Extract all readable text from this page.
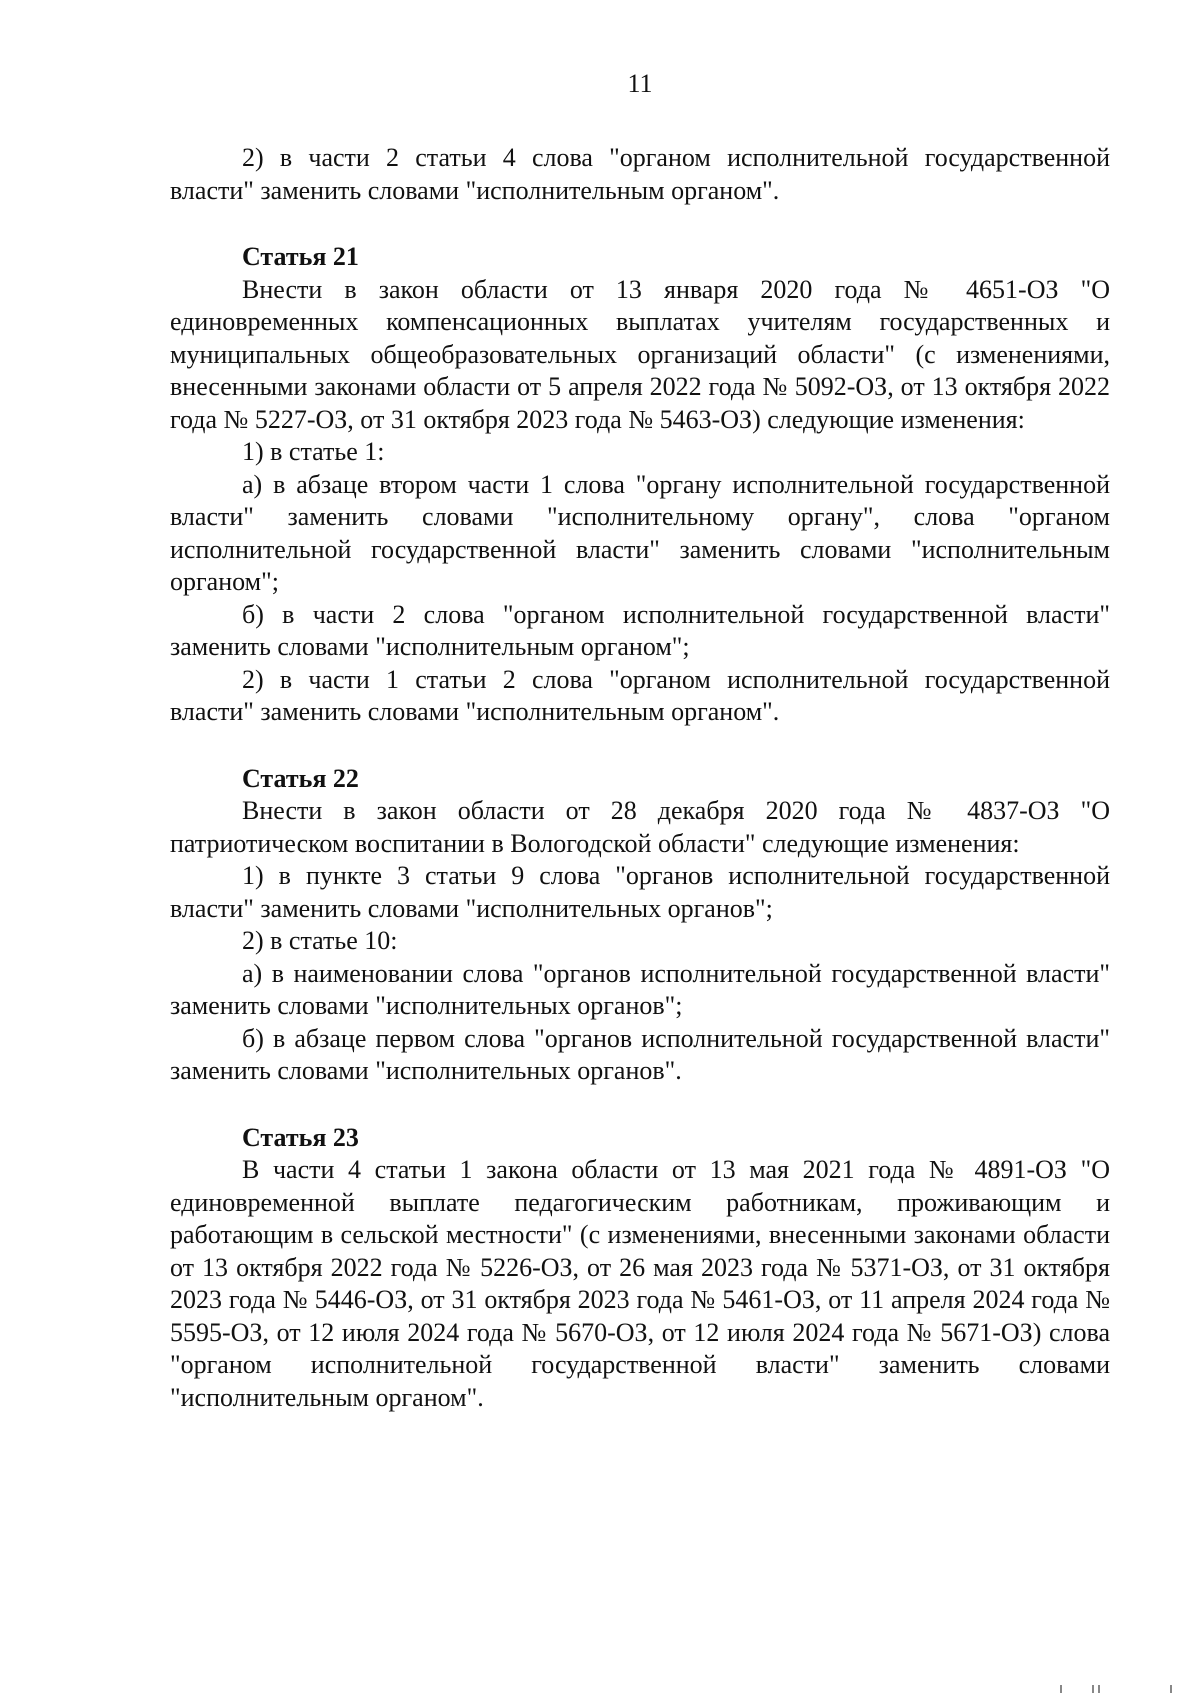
11

2) в части 2 статьи 4 слова "органом исполнительной государственной власти" заменить словами "исполнительным органом".

Статья 21

Внести в закон области от 13 января 2020 года № 4651-ОЗ "О единовременных компенсационных выплатах учителям государственных и муниципальных общеобразовательных организаций области" (с изменениями, внесенными законами области от 5 апреля 2022 года № 5092-ОЗ, от 13 октября 2022 года № 5227-ОЗ, от 31 октября 2023 года № 5463-ОЗ) следующие изменения:

1) в статье 1:

а) в абзаце втором части 1 слова "органу исполнительной государственной власти" заменить словами "исполнительному органу", слова "органом исполнительной государственной власти" заменить словами "исполнительным органом";

б) в части 2 слова "органом исполнительной государственной власти" заменить словами "исполнительным органом";

2) в части 1 статьи 2 слова "органом исполнительной государственной власти" заменить словами "исполнительным органом".

Статья 22

Внести в закон области от 28 декабря 2020 года № 4837-ОЗ "О патриотическом воспитании в Вологодской области" следующие изменения:

1) в пункте 3 статьи 9 слова "органов исполнительной государственной власти" заменить словами "исполнительных органов";

2) в статье 10:

а) в наименовании слова "органов исполнительной государственной власти" заменить словами "исполнительных органов";

б) в абзаце первом слова "органов исполнительной государственной власти" заменить словами "исполнительных органов".

Статья 23

В части 4 статьи 1 закона области от 13 мая 2021 года № 4891-ОЗ "О единовременной выплате педагогическим работникам, проживающим и работающим в сельской местности" (с изменениями, внесенными законами области от 13 октября 2022 года № 5226-ОЗ, от 26 мая 2023 года № 5371-ОЗ, от 31 октября 2023 года № 5446-ОЗ, от 31 октября 2023 года № 5461-ОЗ, от 11 апреля 2024 года № 5595-ОЗ, от 12 июля 2024 года № 5670-ОЗ, от 12 июля 2024 года № 5671-ОЗ) слова "органом исполнительной государственной власти" заменить словами "исполнительным органом".
